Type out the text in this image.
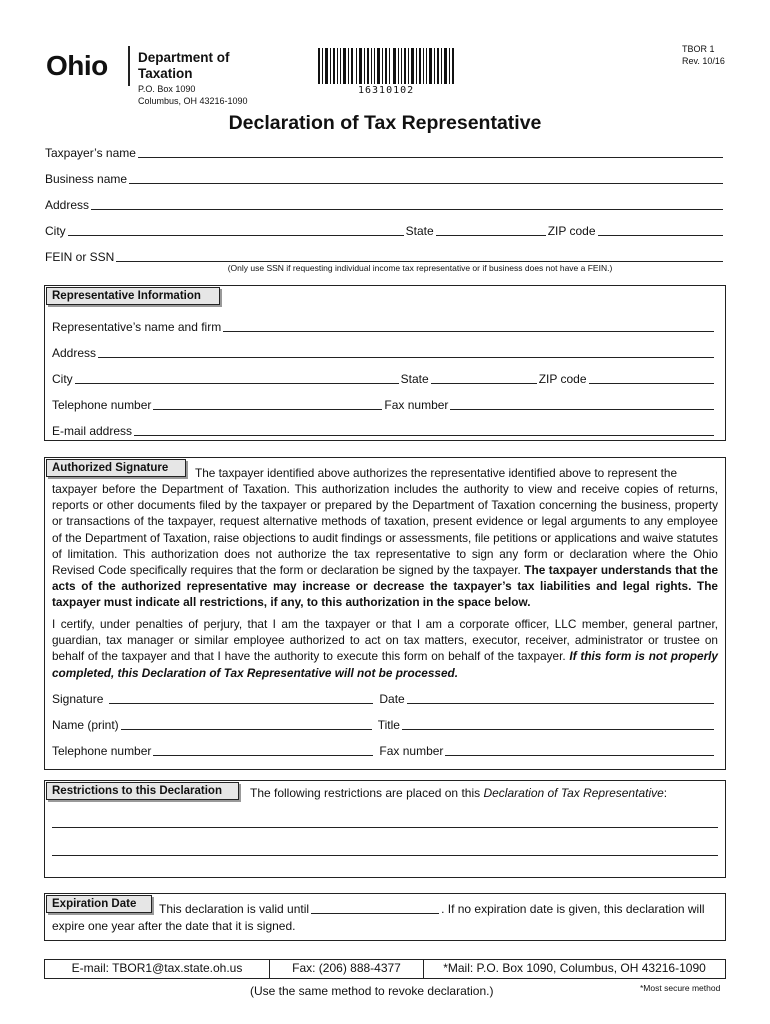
Ohio Department of
Taxation
P.O. Box 1090
Columbus, OH 43216-1090
16310102
TBOR 1
Rev. 10/16
Declaration of Tax Representative
Taxpayer’s name
Business name
Address
City	State	ZIP code
FEIN or SSN
(Only use SSN if requesting individual income tax representative or if business does not have a FEIN.)
Representative Information
Representative’s name and firm
Address
City	State	ZIP code
Telephone number	Fax number
E-mail address
Authorized Signature	The taxpayer identified above authorizes the representative identified above to represent the
taxpayer before the Department of Taxation. This authorization includes the authority to view and receive copies of returns, reports or other documents filed by the taxpayer or prepared by the Department of Taxation concerning the business, property or transactions of the taxpayer, request alternative methods of taxation, present evidence or legal arguments to any employee of the Department of Taxation, raise objections to audit findings or assessments, file petitions or applications and waive statutes of limitation. This authorization does not authorize the tax representative to sign any form or declaration where the Ohio Revised Code specifically requires that the form or declaration be signed by the taxpayer. The taxpayer understands that the acts of the authorized representative may increase or decrease the taxpayer’s tax liabilities and legal rights. The taxpayer must indicate all restrictions, if any, to this authorization in the space below.
I certify, under penalties of perjury, that I am the taxpayer or that I am a corporate officer, LLC member, general partner, guardian, tax manager or similar employee authorized to act on tax matters, executor, receiver, administrator or trustee on behalf of the taxpayer and that I have the authority to execute this form on behalf of the taxpayer. If this form is not properly completed, this Declaration of Tax Representative will not be processed.
Signature	Date
Name (print)	Title
Telephone number	Fax number
Restrictions to this Declaration	The following restrictions are placed on this Declaration of Tax Representative:
Expiration Date	This declaration is valid until	. If no expiration date is given, this declaration will
expire one year after the date that it is signed.
E-mail: TBOR1@tax.state.oh.us	Fax: (206) 888-4377	*Mail: P.O. Box 1090, Columbus, OH 43216-1090
(Use the same method to revoke declaration.)	*Most secure method
